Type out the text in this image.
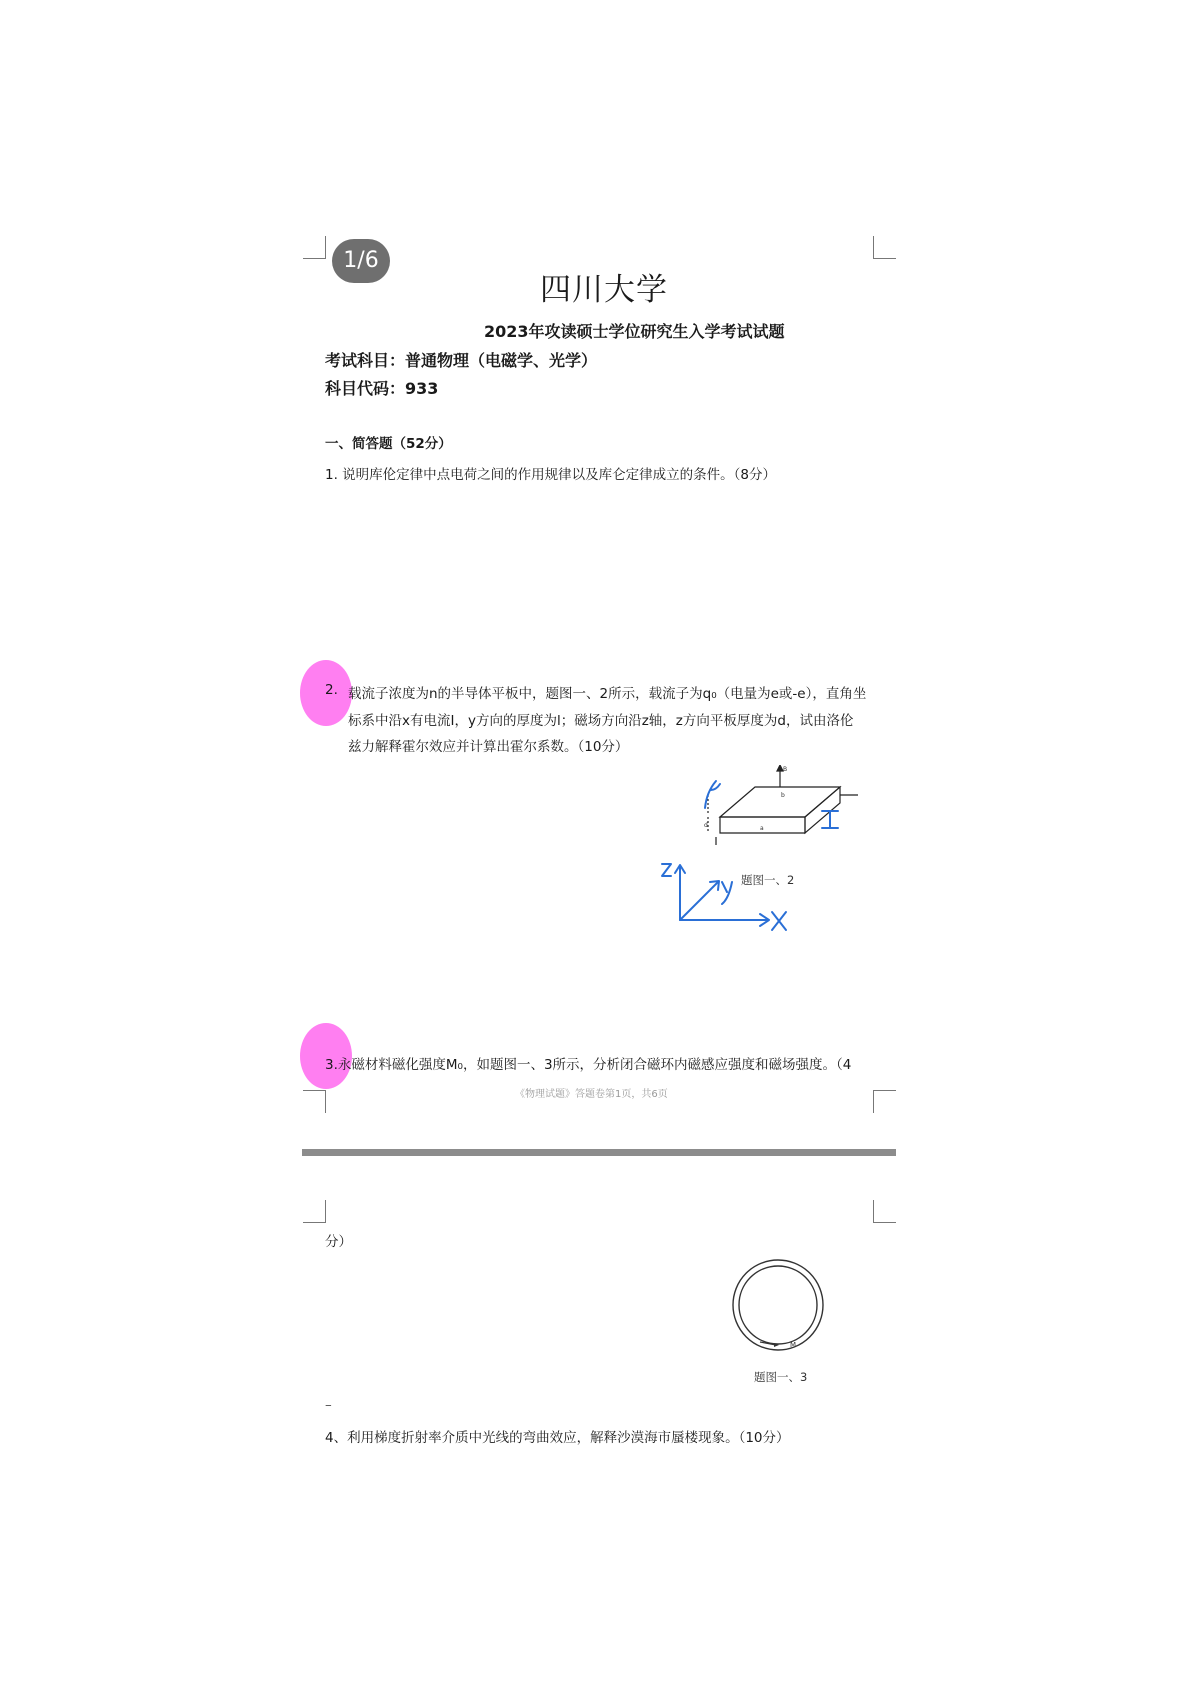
1/6
四川大学
2023年攻读硕士学位研究生入学考试试题
考试科目：普通物理（电磁学、光学）
科目代码：933
一、简答题（52分）
1. 说明库伦定律中点电荷之间的作用规律以及库仑定律成立的条件。（8分）
2. 载流子浓度为n的半导体平板中，题图一、2所示，载流子为q₀（电量为e或-e），直角坐
标系中沿x有电流I，y方向的厚度为l；磁场方向沿z轴，z方向平板厚度为d，试由洛伦
兹力解释霍尔效应并计算出霍尔系数。（10分）
b
a
d
B
题图一、2
3.永磁材料磁化强度M₀，如题图一、3所示，分析闭合磁环内磁感应强度和磁场强度。（4
《物理试题》答题卷第1页，共6页
分）
M
题图一、3
–
4、利用梯度折射率介质中光线的弯曲效应，解释沙漠海市蜃楼现象。（10分）
